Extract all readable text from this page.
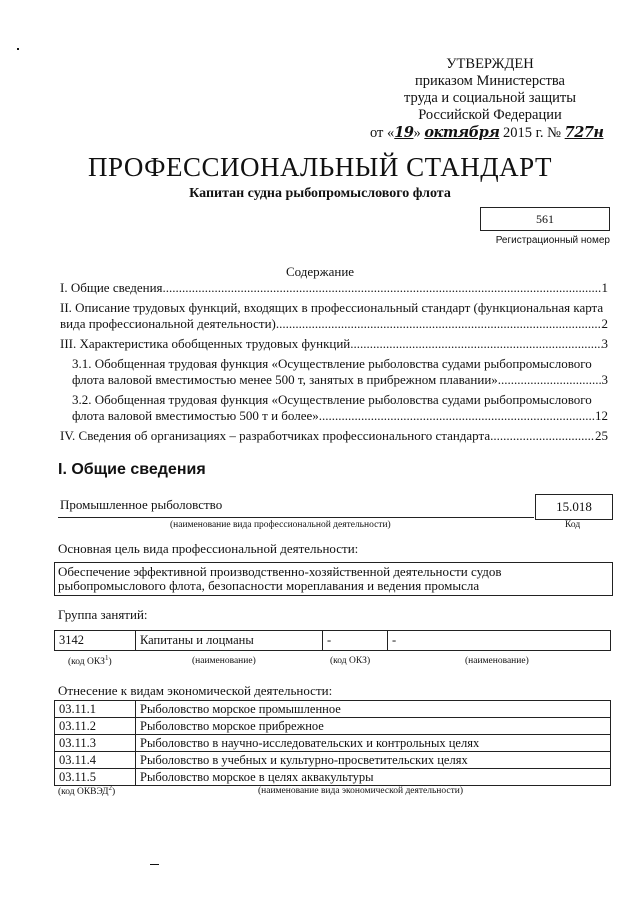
УТВЕРЖДЕН
приказом Министерства
труда и социальной защиты
Российской Федерации
от «19» октября 2015 г. № 727н
ПРОФЕССИОНАЛЬНЫЙ СТАНДАРТ
Капитан судна рыбопромыслового флота
561
Регистрационный номер
Содержание
I. Общие сведения .....	1
II. Описание трудовых функций, входящих в профессиональный стандарт (функциональная карта
вида профессиональной деятельности) .....	2
III. Характеристика обобщенных трудовых функций .....	3
3.1. Обобщенная трудовая функция «Осуществление рыболовства судами рыбопромыслового
флота валовой вместимостью менее 500 т, занятых в прибрежном плавании» .....	3
3.2. Обобщенная трудовая функция «Осуществление рыболовства судами рыбопромыслового
флота валовой вместимостью 500 т и более» .....	12
IV. Сведения об организациях – разработчиках профессионального стандарта .....	25
I. Общие сведения
Промышленное рыболовство	15.018
(наименование вида профессиональной деятельности)	Код
Основная цель вида профессиональной деятельности:
Обеспечение эффективной производственно-хозяйственной деятельности судов
рыбопромыслового флота, безопасности мореплавания и ведения промысла
Группа занятий:
3142	Капитаны и лоцманы	-	-
(код ОКЗ$^1$)	(наименование)	(код ОКЗ)	(наименование)
Отнесение к видам экономической деятельности:
03.11.1	Рыболовство морское промышленное
03.11.2	Рыболовство морское прибрежное
03.11.3	Рыболовство в научно-исследовательских и контрольных целях
03.11.4	Рыболовство в учебных и культурно-просветительских целях
03.11.5	Рыболовство морское в целях аквакультуры
(код ОКВЭД$^2$)	(наименование вида экономической деятельности)
